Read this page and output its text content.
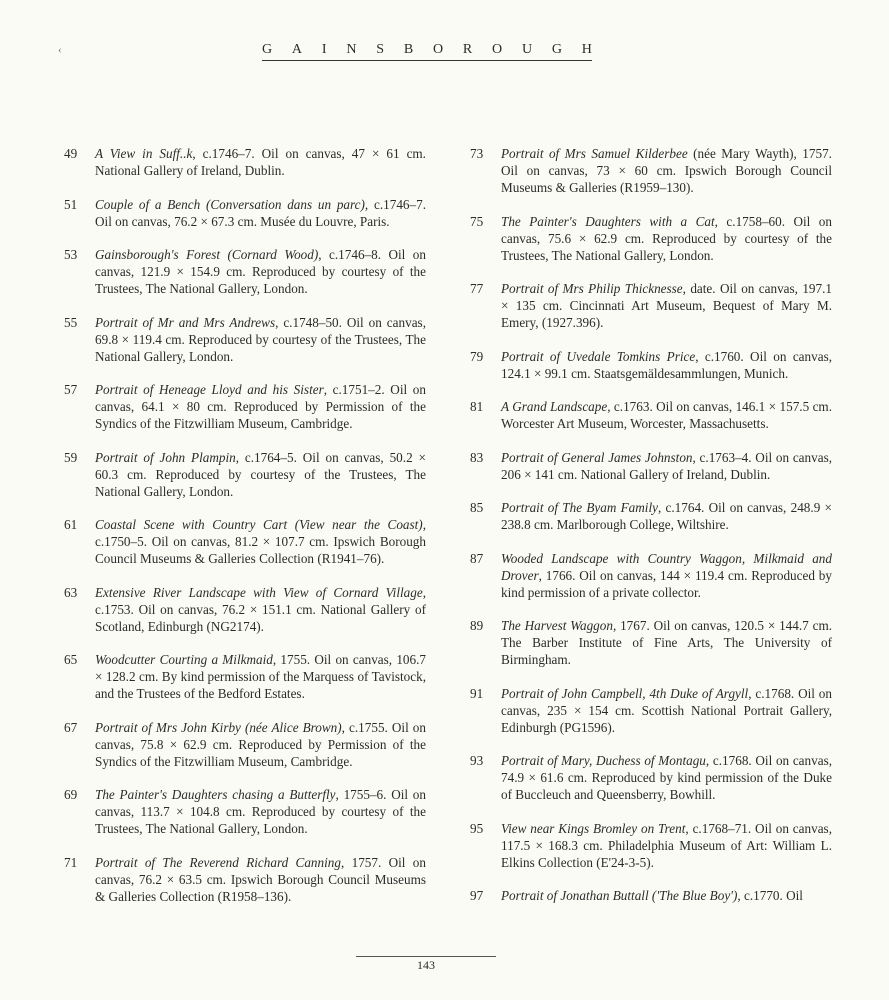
‹	G A I N S B O R O U G H
49	A View in Suff..k, c.1746–7. Oil on canvas, 47 × 61 cm. National Gallery of Ireland, Dublin.
51	Couple of a Bench (Conversation dans un parc), c.1746–7. Oil on canvas, 76.2 × 67.3 cm. Musée du Louvre, Paris.
53	Gainsborough's Forest (Cornard Wood), c.1746–8. Oil on canvas, 121.9 × 154.9 cm. Reproduced by courtesy of the Trustees, The National Gallery, London.
55	Portrait of Mr and Mrs Andrews, c.1748–50. Oil on canvas, 69.8 × 119.4 cm. Reproduced by courtesy of the Trustees, The National Gallery, London.
57	Portrait of Heneage Lloyd and his Sister, c.1751–2. Oil on canvas, 64.1 × 80 cm. Reproduced by Permission of the Syndics of the Fitzwilliam Museum, Cambridge.
59	Portrait of John Plampin, c.1764–5. Oil on canvas, 50.2 × 60.3 cm. Reproduced by courtesy of the Trustees, The National Gallery, London.
61	Coastal Scene with Country Cart (View near the Coast), c.1750–5. Oil on canvas, 81.2 × 107.7 cm. Ipswich Borough Council Museums & Galleries Collection (R1941–76).
63	Extensive River Landscape with View of Cornard Village, c.1753. Oil on canvas, 76.2 × 151.1 cm. National Gallery of Scotland, Edinburgh (NG2174).
65	Woodcutter Courting a Milkmaid, 1755. Oil on canvas, 106.7 × 128.2 cm. By kind permission of the Marquess of Tavistock, and the Trustees of the Bedford Estates.
67	Portrait of Mrs John Kirby (née Alice Brown), c.1755. Oil on canvas, 75.8 × 62.9 cm. Reproduced by Permission of the Syndics of the Fitzwilliam Museum, Cambridge.
69	The Painter's Daughters chasing a Butterfly, 1755–6. Oil on canvas, 113.7 × 104.8 cm. Reproduced by courtesy of the Trustees, The National Gallery, London.
71	Portrait of The Reverend Richard Canning, 1757. Oil on canvas, 76.2 × 63.5 cm. Ipswich Borough Council Museums & Galleries Collection (R1958–136).
73	Portrait of Mrs Samuel Kilderbee (née Mary Wayth), 1757. Oil on canvas, 73 × 60 cm. Ipswich Borough Council Museums & Galleries (R1959–130).
75	The Painter's Daughters with a Cat, c.1758–60. Oil on canvas, 75.6 × 62.9 cm. Reproduced by courtesy of the Trustees, The National Gallery, London.
77	Portrait of Mrs Philip Thicknesse, date. Oil on canvas, 197.1 × 135 cm. Cincinnati Art Museum, Bequest of Mary M. Emery, (1927.396).
79	Portrait of Uvedale Tomkins Price, c.1760. Oil on canvas, 124.1 × 99.1 cm. Staatsgemäldesammlungen, Munich.
81	A Grand Landscape, c.1763. Oil on canvas, 146.1 × 157.5 cm. Worcester Art Museum, Worcester, Massachusetts.
83	Portrait of General James Johnston, c.1763–4. Oil on canvas, 206 × 141 cm. National Gallery of Ireland, Dublin.
85	Portrait of The Byam Family, c.1764. Oil on canvas, 248.9 × 238.8 cm. Marlborough College, Wiltshire.
87	Wooded Landscape with Country Waggon, Milkmaid and Drover, 1766. Oil on canvas, 144 × 119.4 cm. Reproduced by kind permission of a private collector.
89	The Harvest Waggon, 1767. Oil on canvas, 120.5 × 144.7 cm. The Barber Institute of Fine Arts, The University of Birmingham.
91	Portrait of John Campbell, 4th Duke of Argyll, c.1768. Oil on canvas, 235 × 154 cm. Scottish National Portrait Gallery, Edinburgh (PG1596).
93	Portrait of Mary, Duchess of Montagu, c.1768. Oil on canvas, 74.9 × 61.6 cm. Reproduced by kind permission of the Duke of Buccleuch and Queensberry, Bowhill.
95	View near Kings Bromley on Trent, c.1768–71. Oil on canvas, 117.5 × 168.3 cm. Philadelphia Museum of Art: William L. Elkins Collection (E'24-3-5).
97	Portrait of Jonathan Buttall ('The Blue Boy'), c.1770. Oil
143
